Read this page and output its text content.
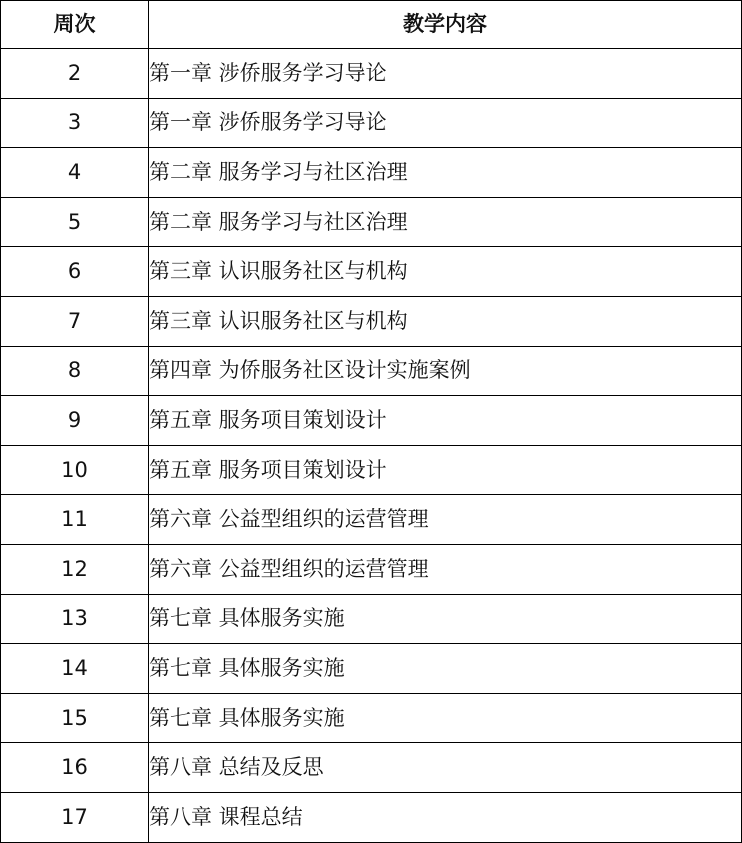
周次	教学内容
2	第一章 涉侨服务学习导论
3	第一章 涉侨服务学习导论
4	第二章 服务学习与社区治理
5	第二章 服务学习与社区治理
6	第三章 认识服务社区与机构
7	第三章 认识服务社区与机构
8	第四章 为侨服务社区设计实施案例
9	第五章 服务项目策划设计
10	第五章 服务项目策划设计
11	第六章 公益型组织的运营管理
12	第六章 公益型组织的运营管理
13	第七章 具体服务实施
14	第七章 具体服务实施
15	第七章 具体服务实施
16	第八章 总结及反思
17	第八章 课程总结
